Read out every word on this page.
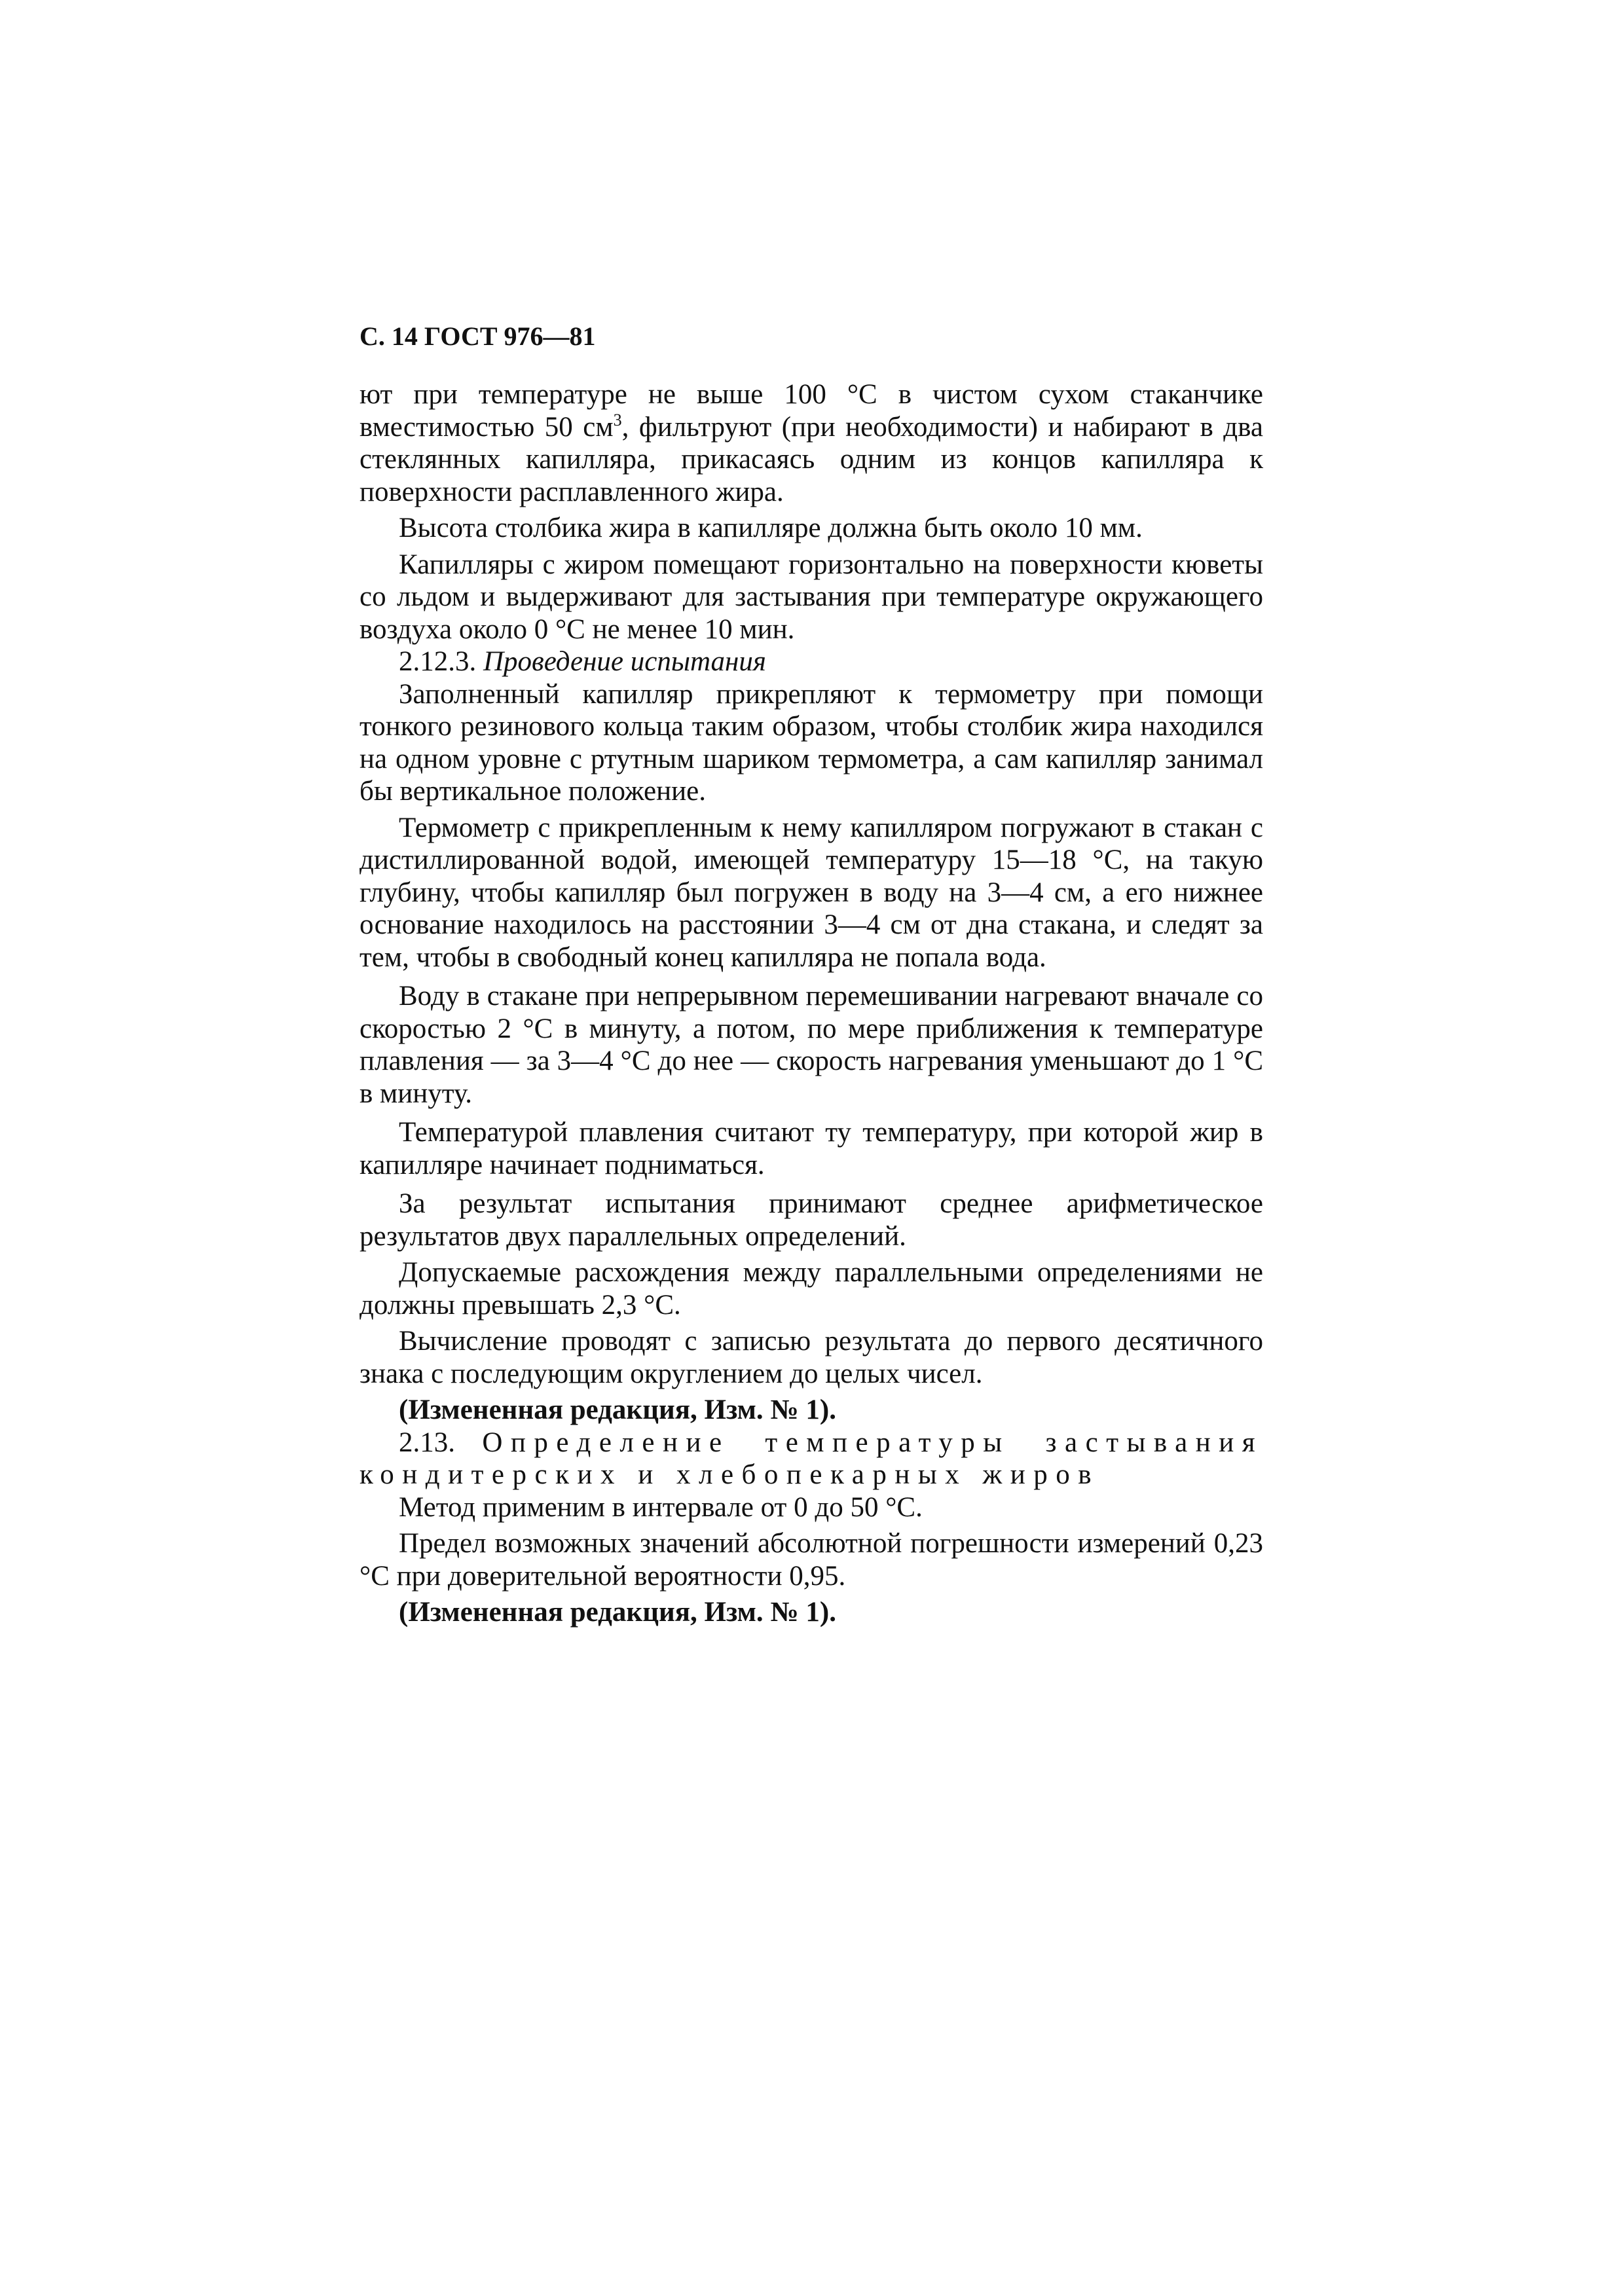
С. 14 ГОСТ 976—81

ют при температуре не выше 100 °С в чистом сухом стаканчике вместимостью 50 $см^3$, фильтруют (при необходимости) и набирают в два стеклянных капилляра, прикасаясь одним из концов капилляра к поверхности расплавленного жира.

Высота столбика жира в капилляре должна быть около 10 мм.

Капилляры с жиром помещают горизонтально на поверхности кюветы со льдом и выдерживают для застывания при температуре окружающего воздуха около 0 °С не менее 10 мин.

2.12.3. Проведение испытания

Заполненный капилляр прикрепляют к термометру при помощи тонкого резинового кольца таким образом, чтобы столбик жира находился на одном уровне с ртутным шариком термометра, а сам капилляр занимал бы вертикальное положение.

Термометр с прикрепленным к нему капилляром погружают в стакан с дистиллированной водой, имеющей температуру 15—18 °С, на такую глубину, чтобы капилляр был погружен в воду на 3—4 см, а его нижнее основание находилось на расстоянии 3—4 см от дна стакана, и следят за тем, чтобы в свободный конец капилляра не попала вода.

Воду в стакане при непрерывном перемешивании нагревают вначале со скоростью 2 °С в минуту, а потом, по мере приближения к температуре плавления — за 3—4 °С до нее — скорость нагревания уменьшают до 1 °С в минуту.

Температурой плавления считают ту температуру, при которой жир в капилляре начинает подниматься.

За результат испытания принимают среднее арифметическое результатов двух параллельных определений.

Допускаемые расхождения между параллельными определениями не должны превышать 2,3 °С.

Вычисление проводят с записью результата до первого десятичного знака с последующим округлением до целых чисел.

(Измененная редакция, Изм. № 1).

2.13. Определение температуры застывания кондитерских и хлебопекарных жиров

Метод применим в интервале от 0 до 50 °С.

Предел возможных значений абсолютной погрешности измерений 0,23 °С при доверительной вероятности 0,95.

(Измененная редакция, Изм. № 1).
